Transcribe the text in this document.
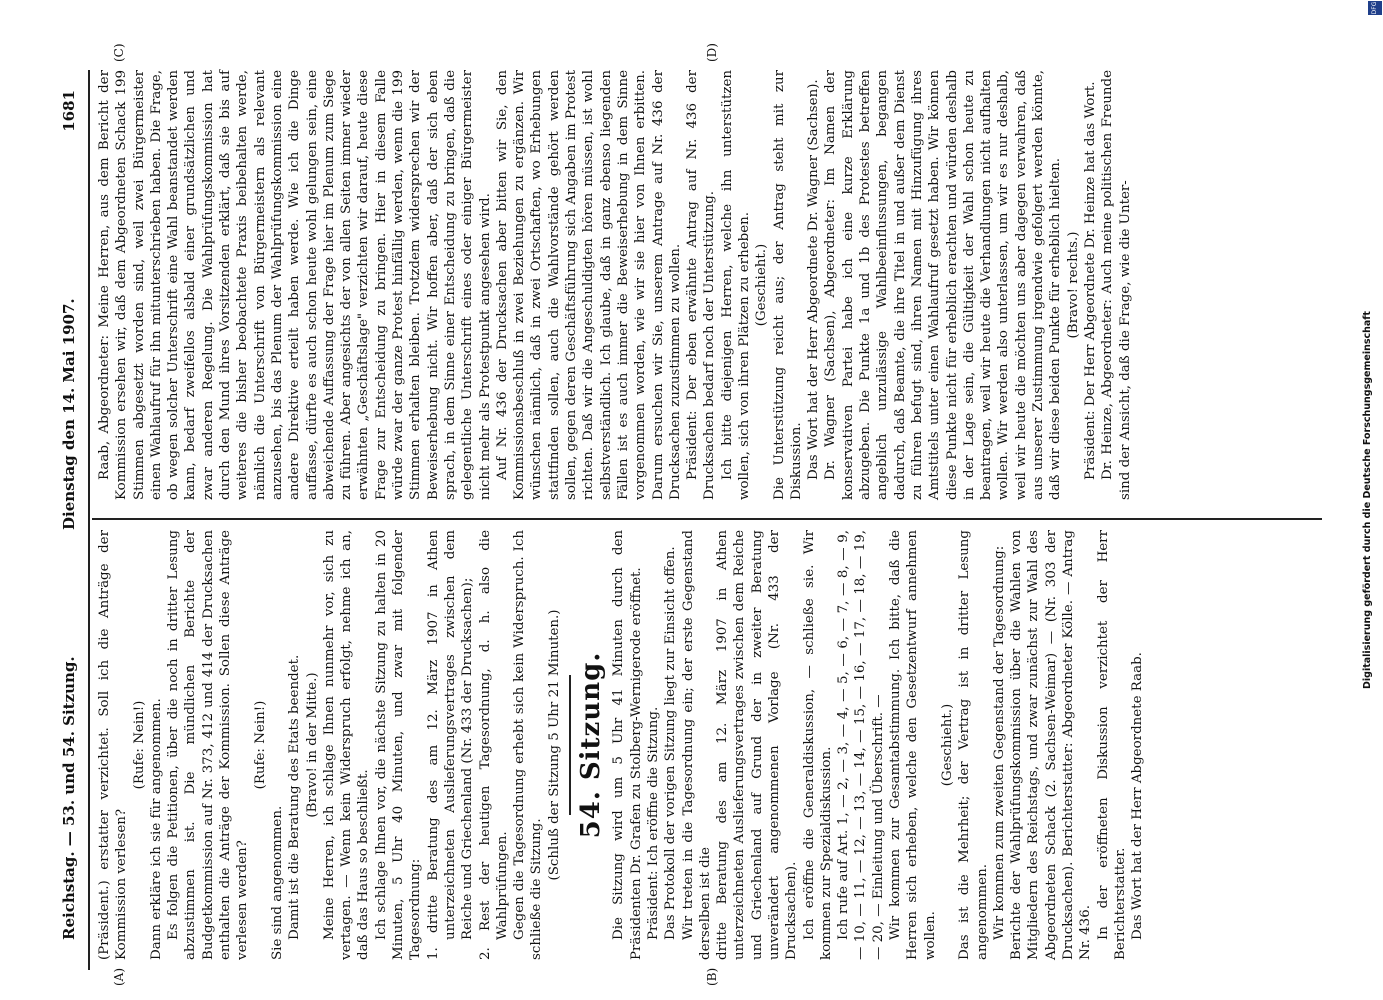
Reichstag. — 53. und 54. Sitzung.
Dienstag den 14. Mai 1907.
1681
(A)	(B)
(C)	(D)

(Präsident.) erstatter verzichtet. Soll ich die Anträge der Kommission verlesen?

(Rufe: Nein!) Dann erkläre ich sie für angenommen. Es folgen die Petitionen, über die noch in dritter Lesung abzustimmen ist. Die mündlichen Berichte der Budgetkommission auf Nr. 373, 412 und 414 der Drucksachen enthalten die Anträge der Kommission. Sollen diese Anträge verlesen werden?

(Rufe: Nein!)

Sie sind angenommen. Damit ist die Beratung des Etats beendet. (Bravo! in der Mitte.) Meine Herren, ich schlage Ihnen nunmehr vor, sich zu vertagen. — Wenn kein Widerspruch erfolgt, nehme ich an, daß das Haus so beschließt. Ich schlage Ihnen vor, die nächste Sitzung zu halten in 20 Minuten, 5 Uhr 40 Minuten, und zwar mit folgender Tagesordnung: 1. dritte Beratung des am 12. März 1907 in Athen unterzeichneten Auslieferungsvertrages zwischen dem Reiche und Griechenland (Nr. 433 der Drucksachen); 2. Rest der heutigen Tagesordnung, d. h. also die Wahlprüfungen. Gegen die Tagesordnung erhebt sich kein Widerspruch. Ich schließe die Sitzung.

(Schluß der Sitzung 5 Uhr 21 Minuten.) 54. Sitzung. Die Sitzung wird um 5 Uhr 41 Minuten durch den Präsidenten Dr. Grafen zu Stolberg-Wernigerode eröffnet. Präsident: Ich eröffne die Sitzung. Das Protokoll der vorigen Sitzung liegt zur Einsicht offen. Wir treten in die Tagesordnung ein; der erste Gegenstand derselben ist die dritte Beratung des am 12. März 1907 in Athen unterzeichneten Auslieferungsvertrages zwischen dem Reiche und Griechenland auf Grund der in zweiter Beratung unverändert angenommenen Vorlage (Nr. 433 der Drucksachen). Ich eröffne die Generaldiskussion, — schließe sie. Wir kommen zur Spezialdiskussion. Ich rufe auf Art. 1, — 2, — 3, — 4, — 5, — 6, — 7, — 8, — 9, — 10, — 11, — 12, — 13, — 14, — 15, — 16, — 17, — 18, — 19, — 20, — Einleitung und Überschrift. — Wir kommen zur Gesamtabstimmung. Ich bitte, daß die Herren sich erheben, welche den Gesetzentwurf annehmen wollen.

(Geschieht.) Das ist die Mehrheit; der Vertrag ist in dritter Lesung angenommen. Wir kommen zum zweiten Gegenstand der Tagesordnung: Berichte der Wahlprüfungskommission über die Wahlen von Mitgliedern des Reichstags, und zwar zunächst zur Wahl des Abgeordneten Schack (2. Sachsen-Weimar) — (Nr. 303 der Drucksachen). Berichterstatter: Abgeordneter Kölle. — Antrag Nr. 436. In der eröffneten Diskussion verzichtet der Herr Berichterstatter. Das Wort hat der Herr Abgeordnete Raab.

Raab, Abgeordneter: Meine Herren, aus dem Bericht der Kommission ersehen wir, daß dem Abgeordneten Schack 199 Stimmen abgesetzt worden sind, weil zwei Bürgermeister einen Wahlaufruf für ihn mitunterschrieben haben. Die Frage, ob wegen solcher Unterschrift eine Wahl beanstandet werden kann, bedarf zweifellos alsbald einer grundsätzlichen und zwar anderen Regelung. Die Wahlprüfungskommission hat durch den Mund ihres Vorsitzenden erklärt, daß sie bis auf weiteres die bisher beobachtete Praxis beibehalten werde, nämlich die Unterschrift von Bürgermeistern als relevant anzusehen, bis das Plenum der Wahlprüfungskommission eine andere Direktive erteilt haben werde. Wie ich die Dinge auffasse, dürfte es auch schon heute wohl gelungen sein, eine abweichende Auffassung der Frage hier im Plenum zum Siege zu führen. Aber angesichts der von allen Seiten immer wieder erwähnten „Geschäftslage" verzichten wir darauf, heute diese Frage zur Entscheidung zu bringen. Hier in diesem Falle würde zwar der ganze Protest hinfällig werden, wenn die 199 Stimmen erhalten bleiben. Trotzdem widersprechen wir der Beweiserhebung nicht. Wir hoffen aber, daß der sich eben sprach, in dem Sinne einer Entscheidung zu bringen, daß die gelegentliche Unterschrift eines oder einiger Bürgermeister nicht mehr als Protestpunkt angesehen wird. Auf Nr. 436 der Drucksachen aber bitten wir Sie, den Kommissionsbeschluß in zwei Beziehungen zu ergänzen. Wir wünschen nämlich, daß in zwei Ortschaften, wo Erhebungen stattfinden sollen, auch die Wahlvorstände gehört werden sollen, gegen deren Geschäftsführung sich Angaben im Protest richten. Daß wir die Angeschuldigten hören müssen, ist wohl selbstverständlich. Ich glaube, daß in ganz ebenso liegenden Fällen ist es auch immer die Beweiserhebung in dem Sinne vorgenommen worden, wie wir sie hier von Ihnen erbitten. Darum ersuchen wir Sie, unserem Antrage auf Nr. 436 der Drucksachen zuzustimmen zu wollen. Präsident: Der eben erwähnte Antrag auf Nr. 436 der Drucksachen bedarf noch der Unterstützung. Ich bitte diejenigen Herren, welche ihn unterstützen wollen, sich von ihren Plätzen zu erheben. (Geschieht.) Die Unterstützung reicht aus; der Antrag steht mit zur Diskussion. Das Wort hat der Herr Abgeordnete Dr. Wagner (Sachsen). Dr. Wagner (Sachsen), Abgeordneter: Im Namen der konservativen Partei habe ich eine kurze Erklärung abzugeben. Die Punkte 1a und 1b des Protestes betreffen angeblich unzulässige Wahlbeeinflussungen, begangen dadurch, daß Beamte, die ihre Titel in und außer dem Dienst zu führen befugt sind, ihren Namen mit Hinzufügung ihres Amtstitels unter einen Wahlaufruf gesetzt haben. Wir können diese Punkte nicht für erheblich erachten und würden deshalb in der Lage sein, die Gültigkeit der Wahl schon heute zu beantragen, weil wir heute die Verhandlungen nicht aufhalten wollen. Wir werden also unterlassen, um wir es nur deshalb, weil wir heute die möchten uns aber dagegen verwahren, daß aus unserer Zustimmung irgendwie gefolgert werden könnte, daß wir diese beiden Punkte für erheblich hielten. (Bravo! rechts.) Präsident: Der Herr Abgeordnete Dr. Heinze hat das Wort. Dr. Heinze, Abgeordneter: Auch meine politischen Freunde sind der Ansicht, daß die Frage, wie die Unter-	Digitalisierung gefördert durch die Deutsche Forschungsgemeinschaft
DFG
